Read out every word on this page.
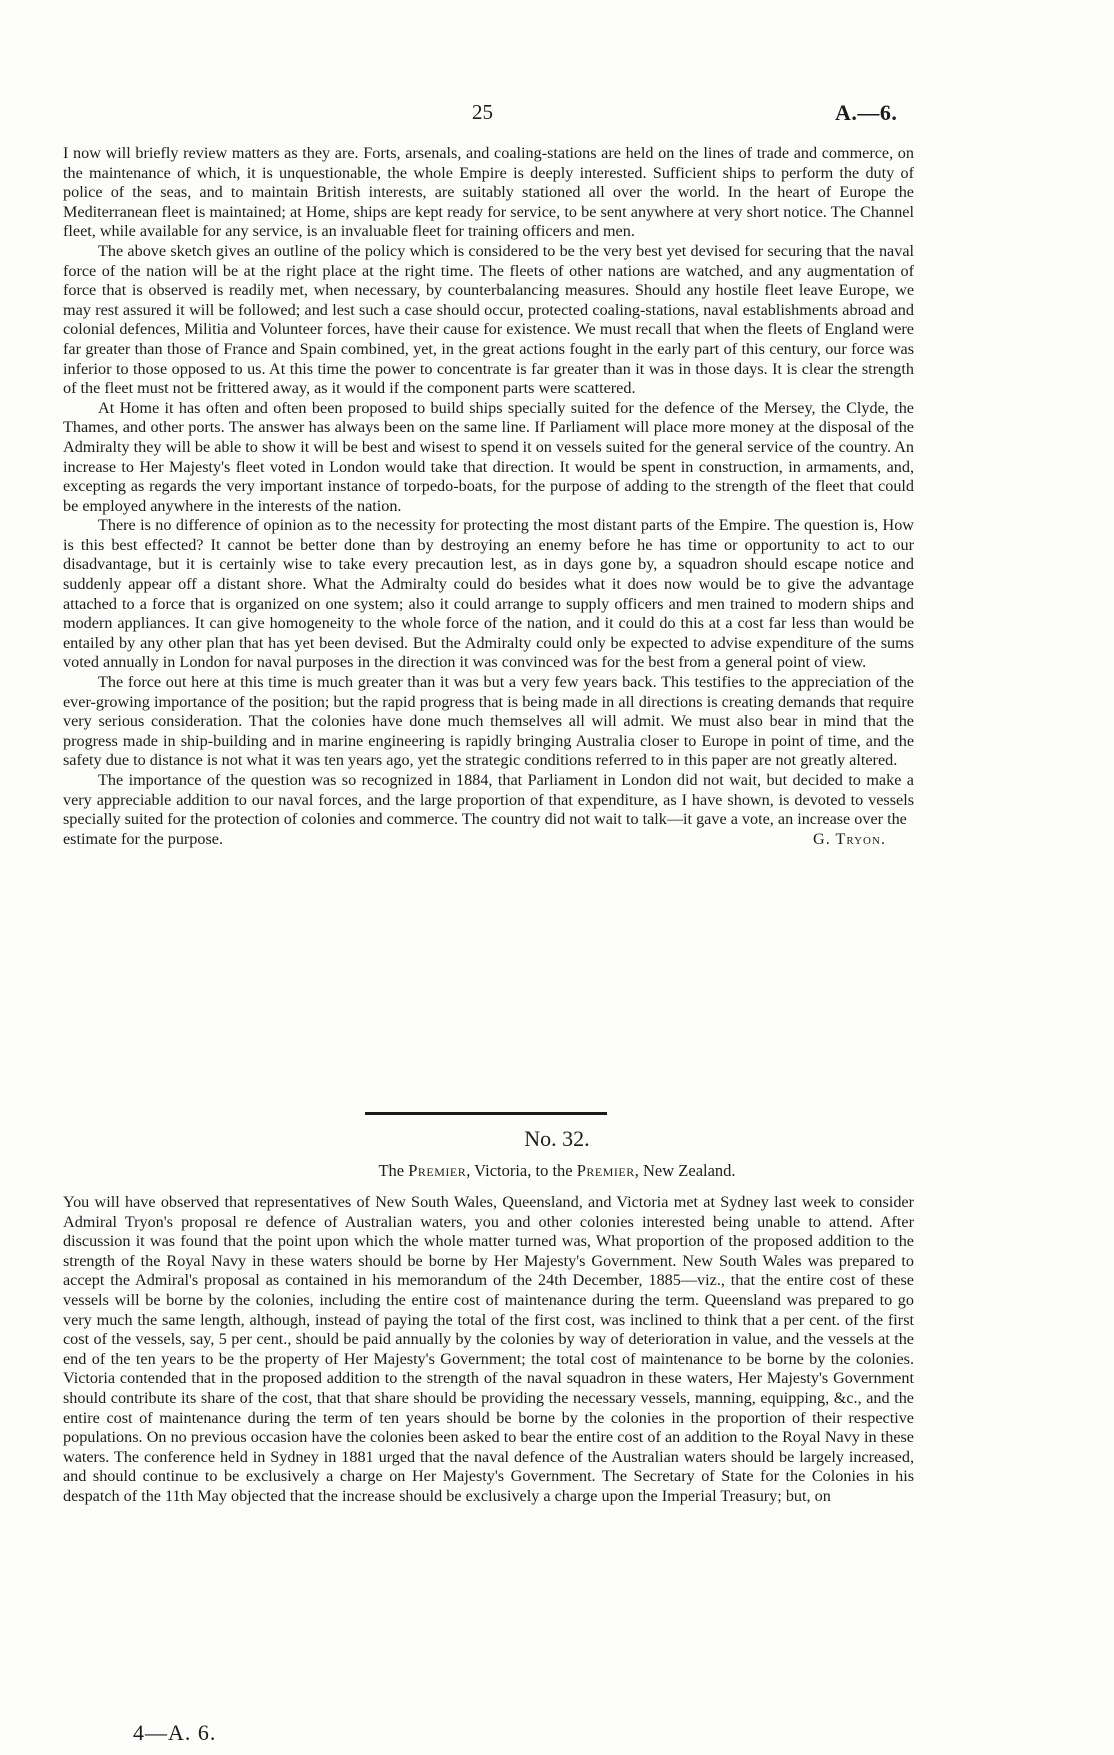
25	A.—6.

I now will briefly review matters as they are. Forts, arsenals, and coaling-stations are held on the lines of trade and commerce, on the maintenance of which, it is unquestionable, the whole Empire is deeply interested. Sufficient ships to perform the duty of police of the seas, and to maintain British interests, are suitably stationed all over the world. In the heart of Europe the Mediterranean fleet is maintained; at Home, ships are kept ready for service, to be sent anywhere at very short notice. The Channel fleet, while available for any service, is an invaluable fleet for training officers and men.

The above sketch gives an outline of the policy which is considered to be the very best yet devised for securing that the naval force of the nation will be at the right place at the right time. The fleets of other nations are watched, and any augmentation of force that is observed is readily met, when necessary, by counterbalancing measures. Should any hostile fleet leave Europe, we may rest assured it will be followed; and lest such a case should occur, protected coaling-stations, naval establishments abroad and colonial defences, Militia and Volunteer forces, have their cause for existence. We must recall that when the fleets of England were far greater than those of France and Spain combined, yet, in the great actions fought in the early part of this century, our force was inferior to those opposed to us. At this time the power to concentrate is far greater than it was in those days. It is clear the strength of the fleet must not be frittered away, as it would if the component parts were scattered.

At Home it has often and often been proposed to build ships specially suited for the defence of the Mersey, the Clyde, the Thames, and other ports. The answer has always been on the same line. If Parliament will place more money at the disposal of the Admiralty they will be able to show it will be best and wisest to spend it on vessels suited for the general service of the country. An increase to Her Majesty's fleet voted in London would take that direction. It would be spent in construction, in armaments, and, excepting as regards the very important instance of torpedo-boats, for the purpose of adding to the strength of the fleet that could be employed anywhere in the interests of the nation.

There is no difference of opinion as to the necessity for protecting the most distant parts of the Empire. The question is, How is this best effected? It cannot be better done than by destroying an enemy before he has time or opportunity to act to our disadvantage, but it is certainly wise to take every precaution lest, as in days gone by, a squadron should escape notice and suddenly appear off a distant shore. What the Admiralty could do besides what it does now would be to give the advantage attached to a force that is organized on one system; also it could arrange to supply officers and men trained to modern ships and modern appliances. It can give homogeneity to the whole force of the nation, and it could do this at a cost far less than would be entailed by any other plan that has yet been devised. But the Admiralty could only be expected to advise expenditure of the sums voted annually in London for naval purposes in the direction it was convinced was for the best from a general point of view.

The force out here at this time is much greater than it was but a very few years back. This testifies to the appreciation of the ever-growing importance of the position; but the rapid progress that is being made in all directions is creating demands that require very serious consideration. That the colonies have done much themselves all will admit. We must also bear in mind that the progress made in ship-building and in marine engineering is rapidly bringing Australia closer to Europe in point of time, and the safety due to distance is not what it was ten years ago, yet the strategic conditions referred to in this paper are not greatly altered.

The importance of the question was so recognized in 1884, that Parliament in London did not wait, but decided to make a very appreciable addition to our naval forces, and the large proportion of that expenditure, as I have shown, is devoted to vessels specially suited for the protection of colonies and commerce. The country did not wait to talk—it gave a vote, an increase over the

estimate for the purpose.	G. Tryon.
No. 32.
The Premier, Victoria, to the Premier, New Zealand.

You will have observed that representatives of New South Wales, Queensland, and Victoria met at Sydney last week to consider Admiral Tryon's proposal re defence of Australian waters, you and other colonies interested being unable to attend. After discussion it was found that the point upon which the whole matter turned was, What proportion of the proposed addition to the strength of the Royal Navy in these waters should be borne by Her Majesty's Government. New South Wales was prepared to accept the Admiral's proposal as contained in his memorandum of the 24th December, 1885—viz., that the entire cost of these vessels will be borne by the colonies, including the entire cost of maintenance during the term. Queensland was prepared to go very much the same length, although, instead of paying the total of the first cost, was inclined to think that a per cent. of the first cost of the vessels, say, 5 per cent., should be paid annually by the colonies by way of deterioration in value, and the vessels at the end of the ten years to be the property of Her Majesty's Government; the total cost of maintenance to be borne by the colonies. Victoria contended that in the proposed addition to the strength of the naval squadron in these waters, Her Majesty's Government should contribute its share of the cost, that that share should be providing the necessary vessels, manning, equipping, &c., and the entire cost of maintenance during the term of ten years should be borne by the colonies in the proportion of their respective populations. On no previous occasion have the colonies been asked to bear the entire cost of an addition to the Royal Navy in these waters. The conference held in Sydney in 1881 urged that the naval defence of the Australian waters should be largely increased, and should continue to be exclusively a charge on Her Majesty's Government. The Secretary of State for the Colonies in his despatch of the 11th May objected that the increase should be exclusively a charge upon the Imperial Treasury; but, on

4—A. 6.
